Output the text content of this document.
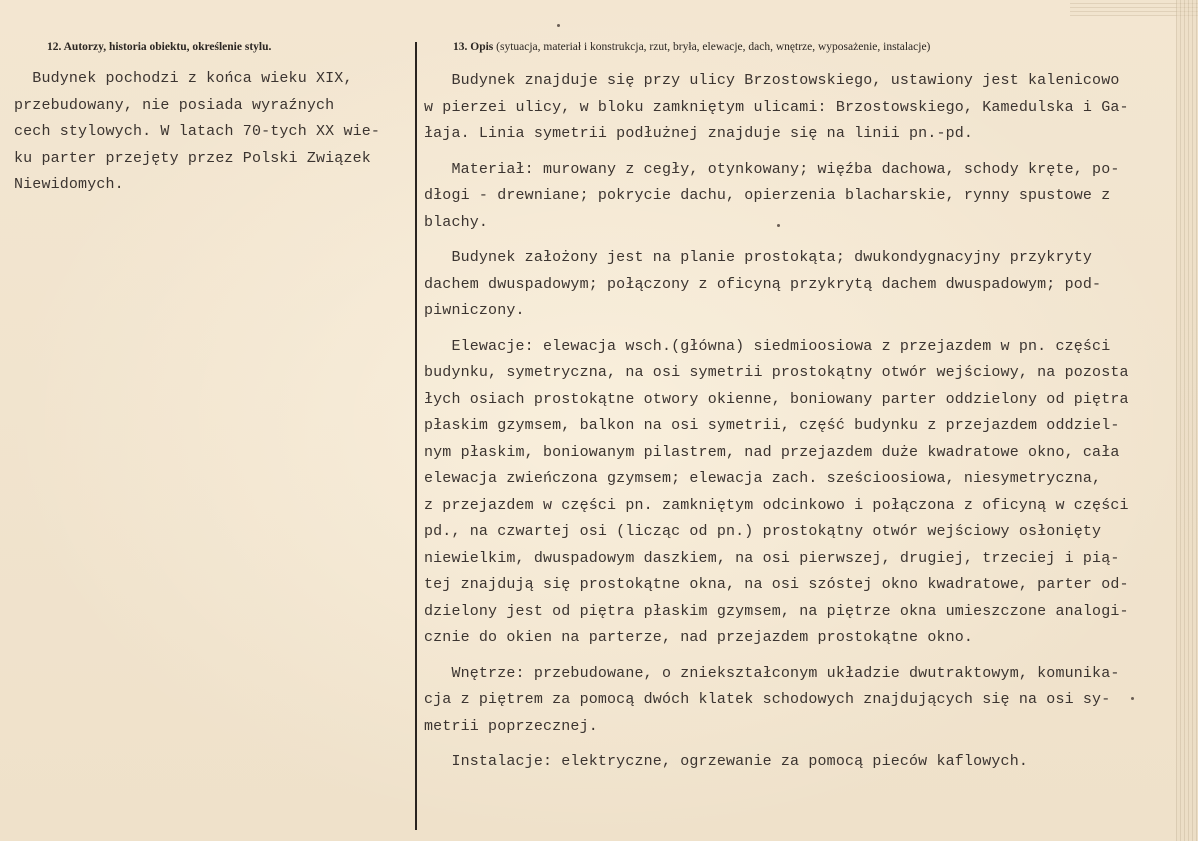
12. Autorzy, historia obiektu, określenie stylu.	13. Opis (sytuacja, materiał i konstrukcja, rzut, bryła, elewacje, dach, wnętrze, wyposażenie, instalacje)
Budynek pochodzi z końca wieku XIX,
przebudowany, nie posiada wyraźnych
cech stylowych. W latach 70-tych XX wie-
ku parter przejęty przez Polski Związek
Niewidomych.
Budynek znajduje się przy ulicy Brzostowskiego, ustawiony jest kalenicowo
w pierzei ulicy, w bloku zamkniętym ulicami: Brzostowskiego, Kamedulska i Ga-
łaja. Linia symetrii podłużnej znajduje się na linii pn.-pd.
Materiał: murowany z cegły, otynkowany; więźba dachowa, schody kręte, po-
dłogi - drewniane; pokrycie dachu, opierzenia blacharskie, rynny spustowe z
blachy.
Budynek założony jest na planie prostokąta; dwukondygnacyjny przykryty
dachem dwuspadowym; połączony z oficyną przykrytą dachem dwuspadowym; pod-
piwniczony.
Elewacje: elewacja wsch.(główna) siedmioosiowa z przejazdem w pn. części
budynku, symetryczna, na osi symetrii prostokątny otwór wejściowy, na pozosta
łych osiach prostokątne otwory okienne, boniowany parter oddzielony od piętra
płaskim gzymsem, balkon na osi symetrii, część budynku z przejazdem oddziel-
nym płaskim, boniowanym pilastrem, nad przejazdem duże kwadratowe okno, cała
elewacja zwieńczona gzymsem; elewacja zach. sześcioosiowa, niesymetryczna,
z przejazdem w części pn. zamkniętym odcinkowo i połączona z oficyną w części
pd., na czwartej osi (licząc od pn.) prostokątny otwór wejściowy osłonięty
niewielkim, dwuspadowym daszkiem, na osi pierwszej, drugiej, trzeciej i pią-
tej znajdują się prostokątne okna, na osi szóstej okno kwadratowe, parter od-
dzielony jest od piętra płaskim gzymsem, na piętrze okna umieszczone analogi-
cznie do okien na parterze, nad przejazdem prostokątne okno.
Wnętrze: przebudowane, o zniekształconym układzie dwutraktowym, komunika-
cja z piętrem za pomocą dwóch klatek schodowych znajdujących się na osi sy-
metrii poprzecznej.
Instalacje: elektryczne, ogrzewanie za pomocą pieców kaflowych.
